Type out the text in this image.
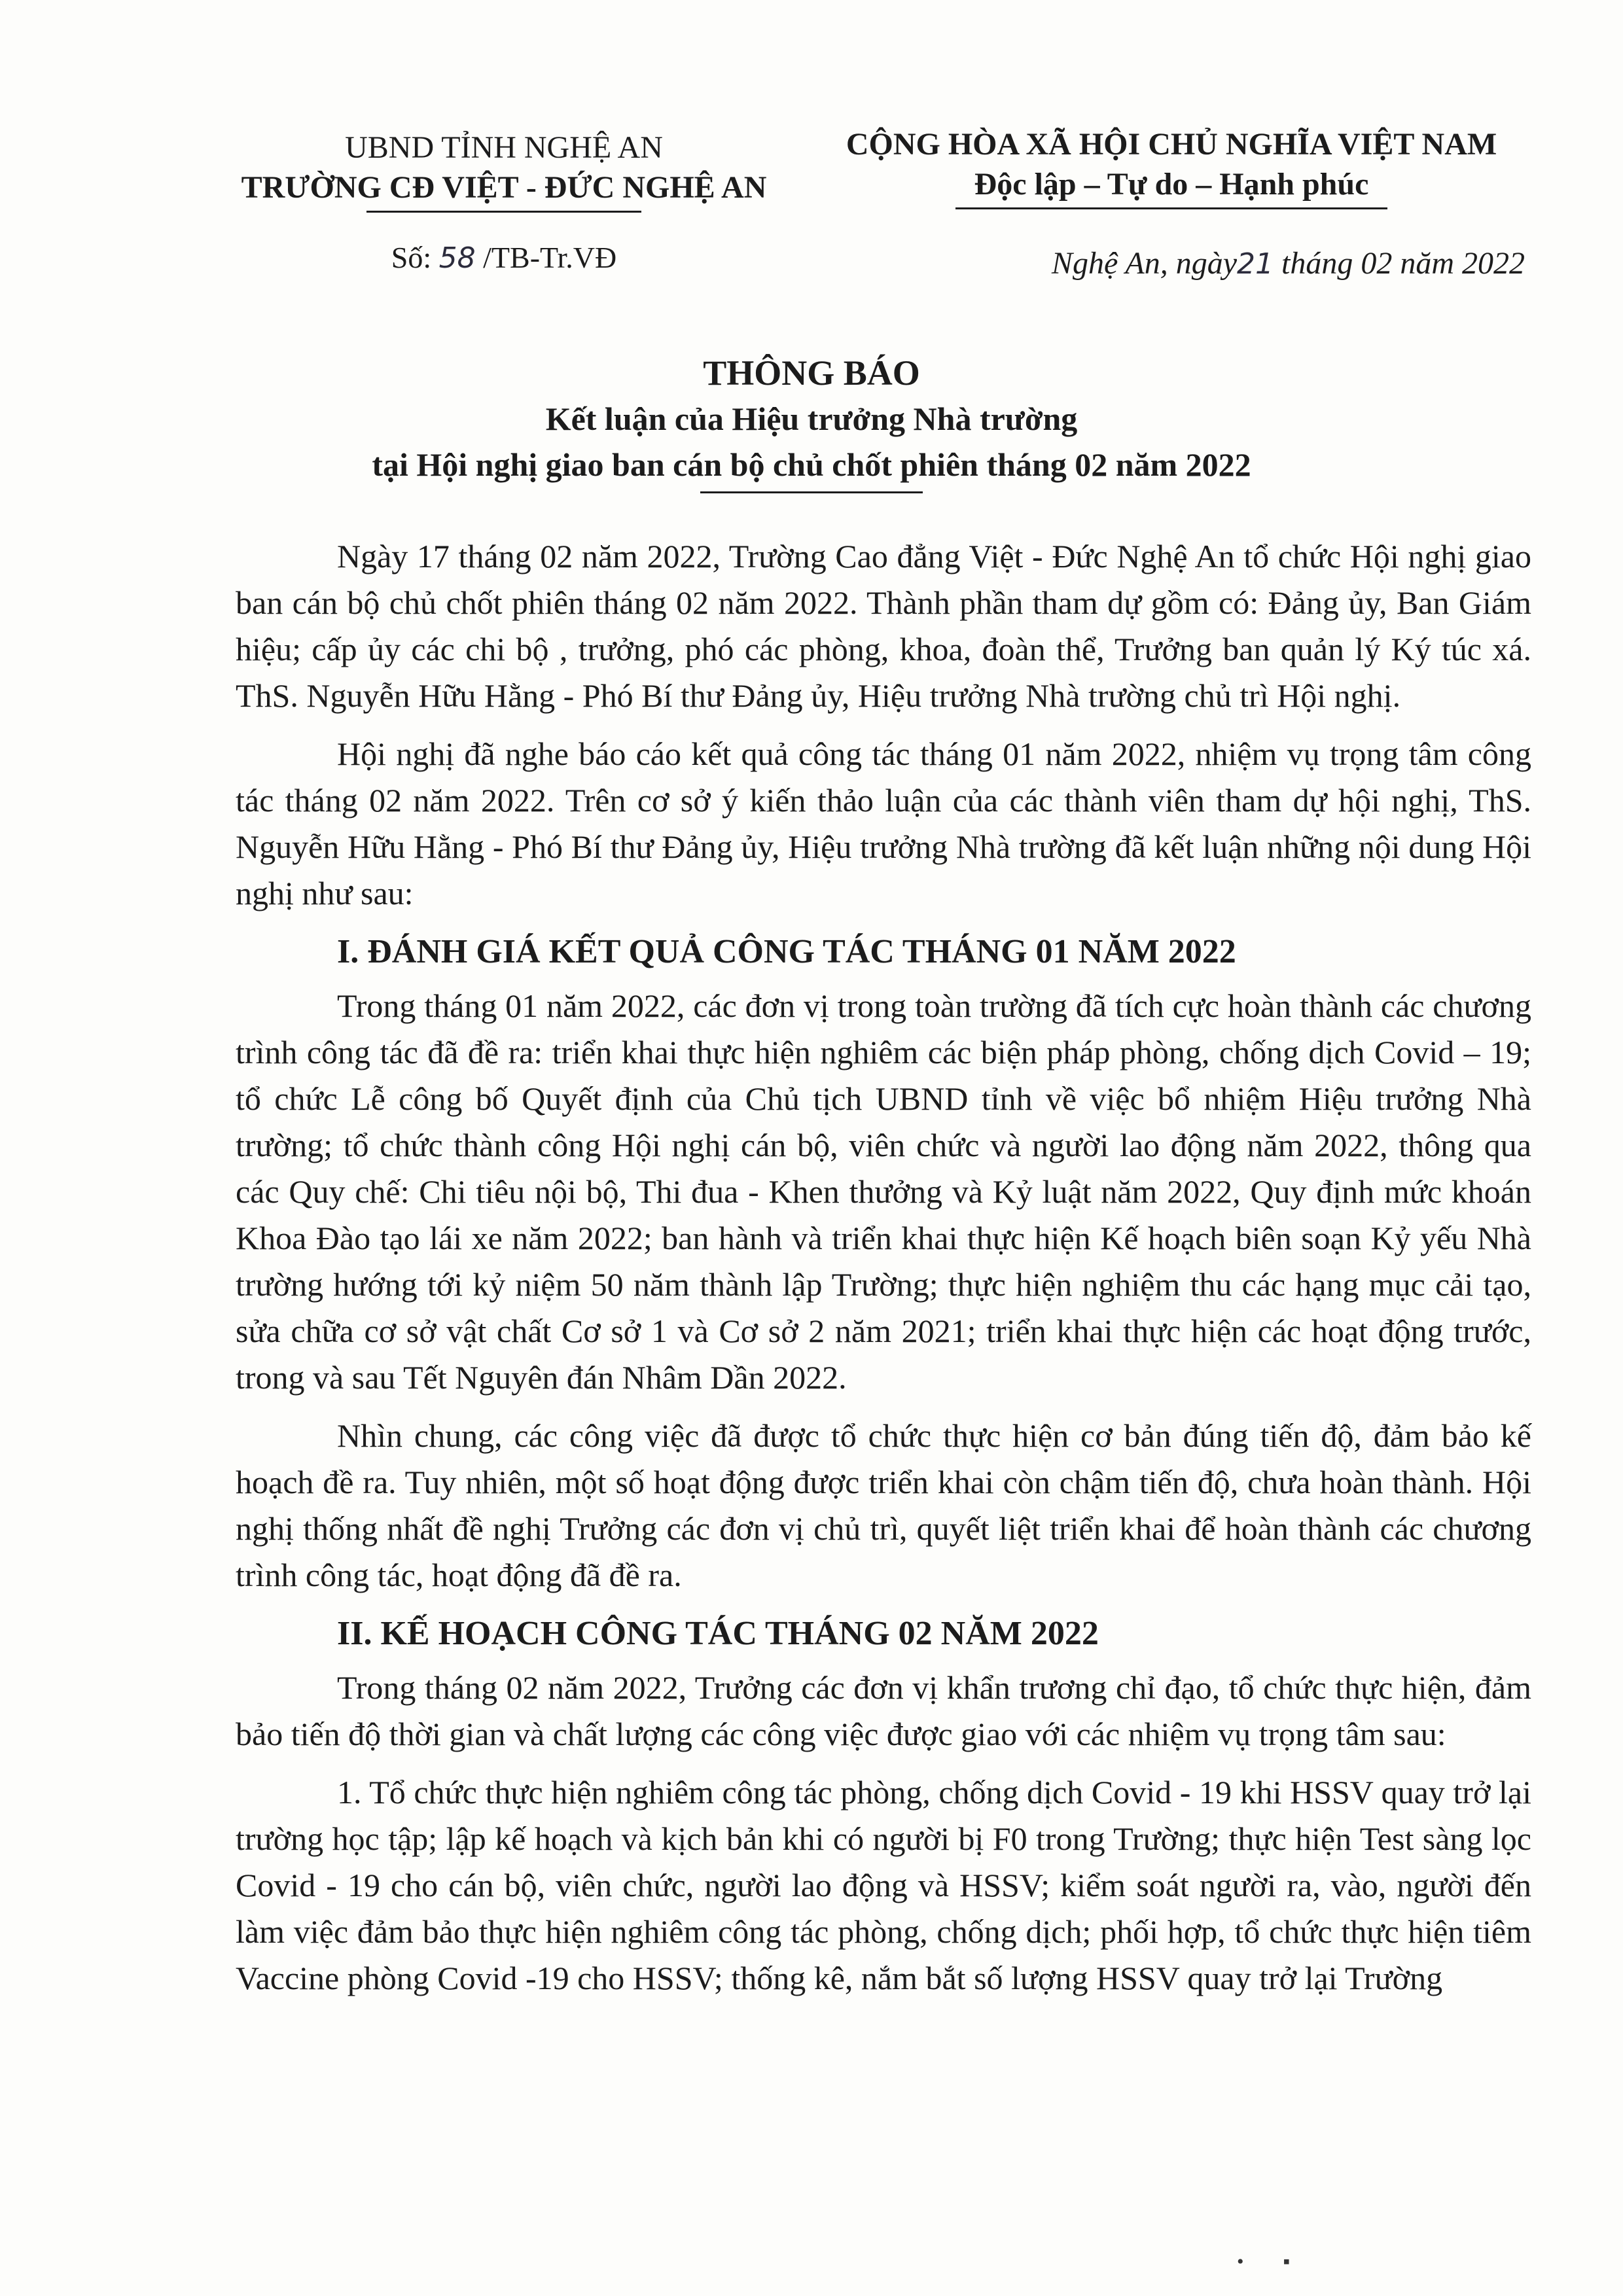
UBND TỈNH NGHỆ AN
TRƯỜNG CĐ VIỆT - ĐỨC NGHỆ AN
Số: 58 /TB-Tr.VĐ
CỘNG HÒA XÃ HỘI CHỦ NGHĨA VIỆT NAM
Độc lập – Tự do – Hạnh phúc
Nghệ An, ngày21 tháng 02 năm 2022
THÔNG BÁO
Kết luận của Hiệu trưởng Nhà trường
tại Hội nghị giao ban cán bộ chủ chốt phiên tháng 02 năm 2022

Ngày 17 tháng 02 năm 2022, Trường Cao đẳng Việt - Đức Nghệ An tổ chức Hội nghị giao ban cán bộ chủ chốt phiên tháng 02 năm 2022. Thành phần tham dự gồm có: Đảng ủy, Ban Giám hiệu; cấp ủy các chi bộ , trưởng, phó các phòng, khoa, đoàn thể, Trưởng ban quản lý Ký túc xá. ThS. Nguyễn Hữu Hằng - Phó Bí thư Đảng ủy, Hiệu trưởng Nhà trường chủ trì Hội nghị.

Hội nghị đã nghe báo cáo kết quả công tác tháng 01 năm 2022, nhiệm vụ trọng tâm công tác tháng 02 năm 2022. Trên cơ sở ý kiến thảo luận của các thành viên tham dự hội nghị, ThS. Nguyễn Hữu Hằng - Phó Bí thư Đảng ủy, Hiệu trưởng Nhà trường đã kết luận những nội dung Hội nghị như sau:

I. ĐÁNH GIÁ KẾT QUẢ CÔNG TÁC THÁNG 01 NĂM 2022

Trong tháng 01 năm 2022, các đơn vị trong toàn trường đã tích cực hoàn thành các chương trình công tác đã đề ra: triển khai thực hiện nghiêm các biện pháp phòng, chống dịch Covid – 19; tổ chức Lễ công bố Quyết định của Chủ tịch UBND tỉnh về việc bổ nhiệm Hiệu trưởng Nhà trường; tổ chức thành công Hội nghị cán bộ, viên chức và người lao động năm 2022, thông qua các Quy chế: Chi tiêu nội bộ, Thi đua - Khen thưởng và Kỷ luật năm 2022, Quy định mức khoán Khoa Đào tạo lái xe năm 2022; ban hành và triển khai thực hiện Kế hoạch biên soạn Kỷ yếu Nhà trường hướng tới kỷ niệm 50 năm thành lập Trường; thực hiện nghiệm thu các hạng mục cải tạo, sửa chữa cơ sở vật chất Cơ sở 1 và Cơ sở 2 năm 2021; triển khai thực hiện các hoạt động trước, trong và sau Tết Nguyên đán Nhâm Dần 2022.

Nhìn chung, các công việc đã được tổ chức thực hiện cơ bản đúng tiến độ, đảm bảo kế hoạch đề ra. Tuy nhiên, một số hoạt động được triển khai còn chậm tiến độ, chưa hoàn thành. Hội nghị thống nhất đề nghị Trưởng các đơn vị chủ trì, quyết liệt triển khai để hoàn thành các chương trình công tác, hoạt động đã đề ra.

II. KẾ HOẠCH CÔNG TÁC THÁNG 02 NĂM 2022

Trong tháng 02 năm 2022, Trưởng các đơn vị khẩn trương chỉ đạo, tổ chức thực hiện, đảm bảo tiến độ thời gian và chất lượng các công việc được giao với các nhiệm vụ trọng tâm sau:

1. Tổ chức thực hiện nghiêm công tác phòng, chống dịch Covid - 19 khi HSSV quay trở lại trường học tập; lập kế hoạch và kịch bản khi có người bị F0 trong Trường; thực hiện Test sàng lọc Covid - 19 cho cán bộ, viên chức, người lao động và HSSV; kiểm soát người ra, vào, người đến làm việc đảm bảo thực hiện nghiêm công tác phòng, chống dịch; phối hợp, tổ chức thực hiện tiêm Vaccine phòng Covid -19 cho HSSV; thống kê, nắm bắt số lượng HSSV quay trở lại Trường

•        ▪
